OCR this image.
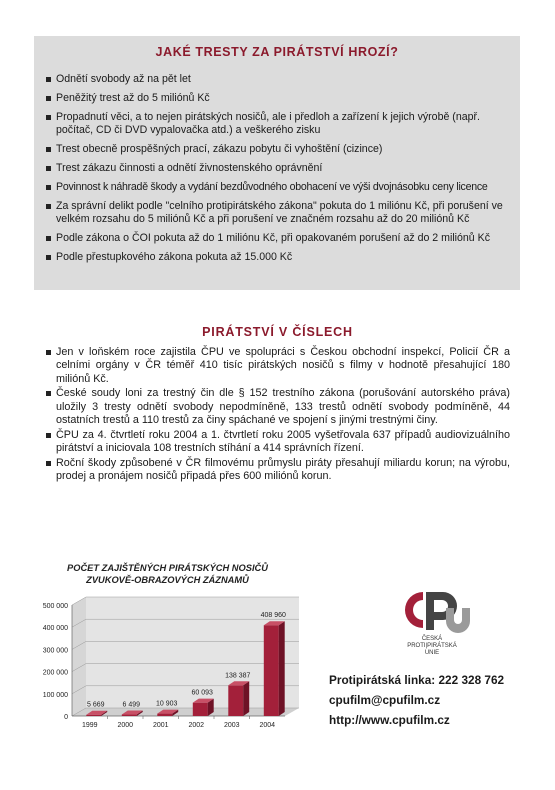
JAKÉ TRESTY ZA PIRÁTSTVÍ HROZÍ?
Odnětí svobody až na pět let
Peněžitý trest až do 5 miliónů Kč
Propadnutí věci, a to nejen pirátských nosičů, ale i předloh a zařízení k jejich výrobě (např. počítač, CD či DVD vypalovačka atd.) a veškerého zisku
Trest obecně prospěšných prací, zákazu pobytu či vyhoštění (cizince)
Trest zákazu činnosti a odnětí živnostenského oprávnění
Povinnost k náhradě škody a vydání bezdůvodného obohacení ve výši dvojnásobku ceny licence
Za správní delikt podle "celního protipirátského zákona" pokuta do 1 miliónu Kč, při porušení ve velkém rozsahu do 5 miliónů Kč a při porušení ve značném rozsahu až do 20 miliónů Kč
Podle zákona o ČOI pokuta až do 1 miliónu Kč, při opakovaném porušení až do 2 miliónů Kč
Podle přestupkového zákona pokuta až 15.000 Kč
PIRÁTSTVÍ V ČÍSLECH
Jen v loňském roce zajistila ČPU ve spolupráci s Českou obchodní inspekcí, Policií ČR a celními orgány v ČR téměř 410 tisíc pirátských nosičů s filmy v hodnotě přesahující 180 miliónů Kč.
České soudy loni za trestný čin dle § 152 trestního zákona (porušování autorského práva) uložily 3 tresty odnětí svobody nepodmíněně, 133 trestů odnětí svobody podmíněně, 44 ostatních trestů a 110 trestů za činy spáchané ve spojení s jinými trestnými činy.
ČPU za 4. čtvrtletí roku 2004 a 1. čtvrtletí roku 2005 vyšetřovala 637 případů audiovizuálního pirátství a iniciovala 108 trestních stíhání a 414 správních řízení.
Roční škody způsobené v ČR filmovému průmyslu piráty přesahují miliardu korun; na výrobu, prodej a pronájem nosičů připadá přes 600 miliónů korun.
POČET ZAJIŠTĚNÝCH PIRÁTSKÝCH NOSIČŮ
ZVUKOVĚ-OBRAZOVÝCH ZÁZNAMŮ
0
100 000
200 000
300 000
400 000
500 000
5 669
1999
6 499
2000
10 903
2001
60 093
2002
138 387
2003
408 960
2004
ČESKÁ
PROTI|PIRÁTSKÁ
UNIE
Protipirátská linka: 222 328 762
cpufilm@cpufilm.cz
http://www.cpufilm.cz
